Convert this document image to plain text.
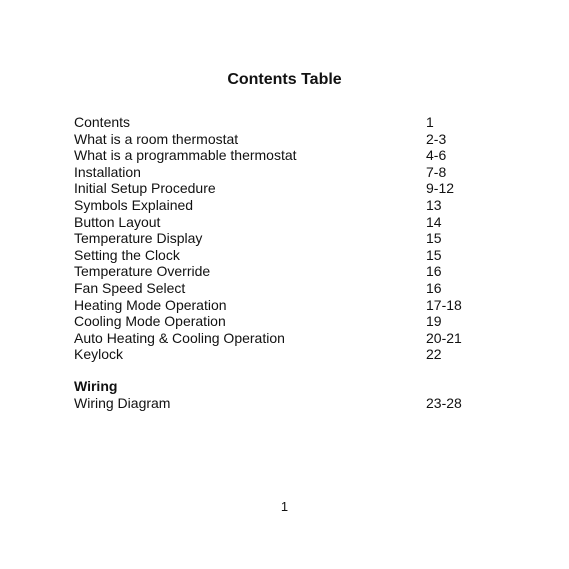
Contents Table
Contents	1
What is a room thermostat	2-3
What is a programmable thermostat	4-6
Installation	7-8
Initial Setup Procedure	9-12
Symbols Explained	13
Button Layout	14
Temperature Display	15
Setting the Clock	15
Temperature Override	16
Fan Speed Select	16
Heating Mode Operation	17-18
Cooling Mode Operation	19
Auto Heating & Cooling Operation	20-21
Keylock	22
Wiring
Wiring Diagram	23-28
1
